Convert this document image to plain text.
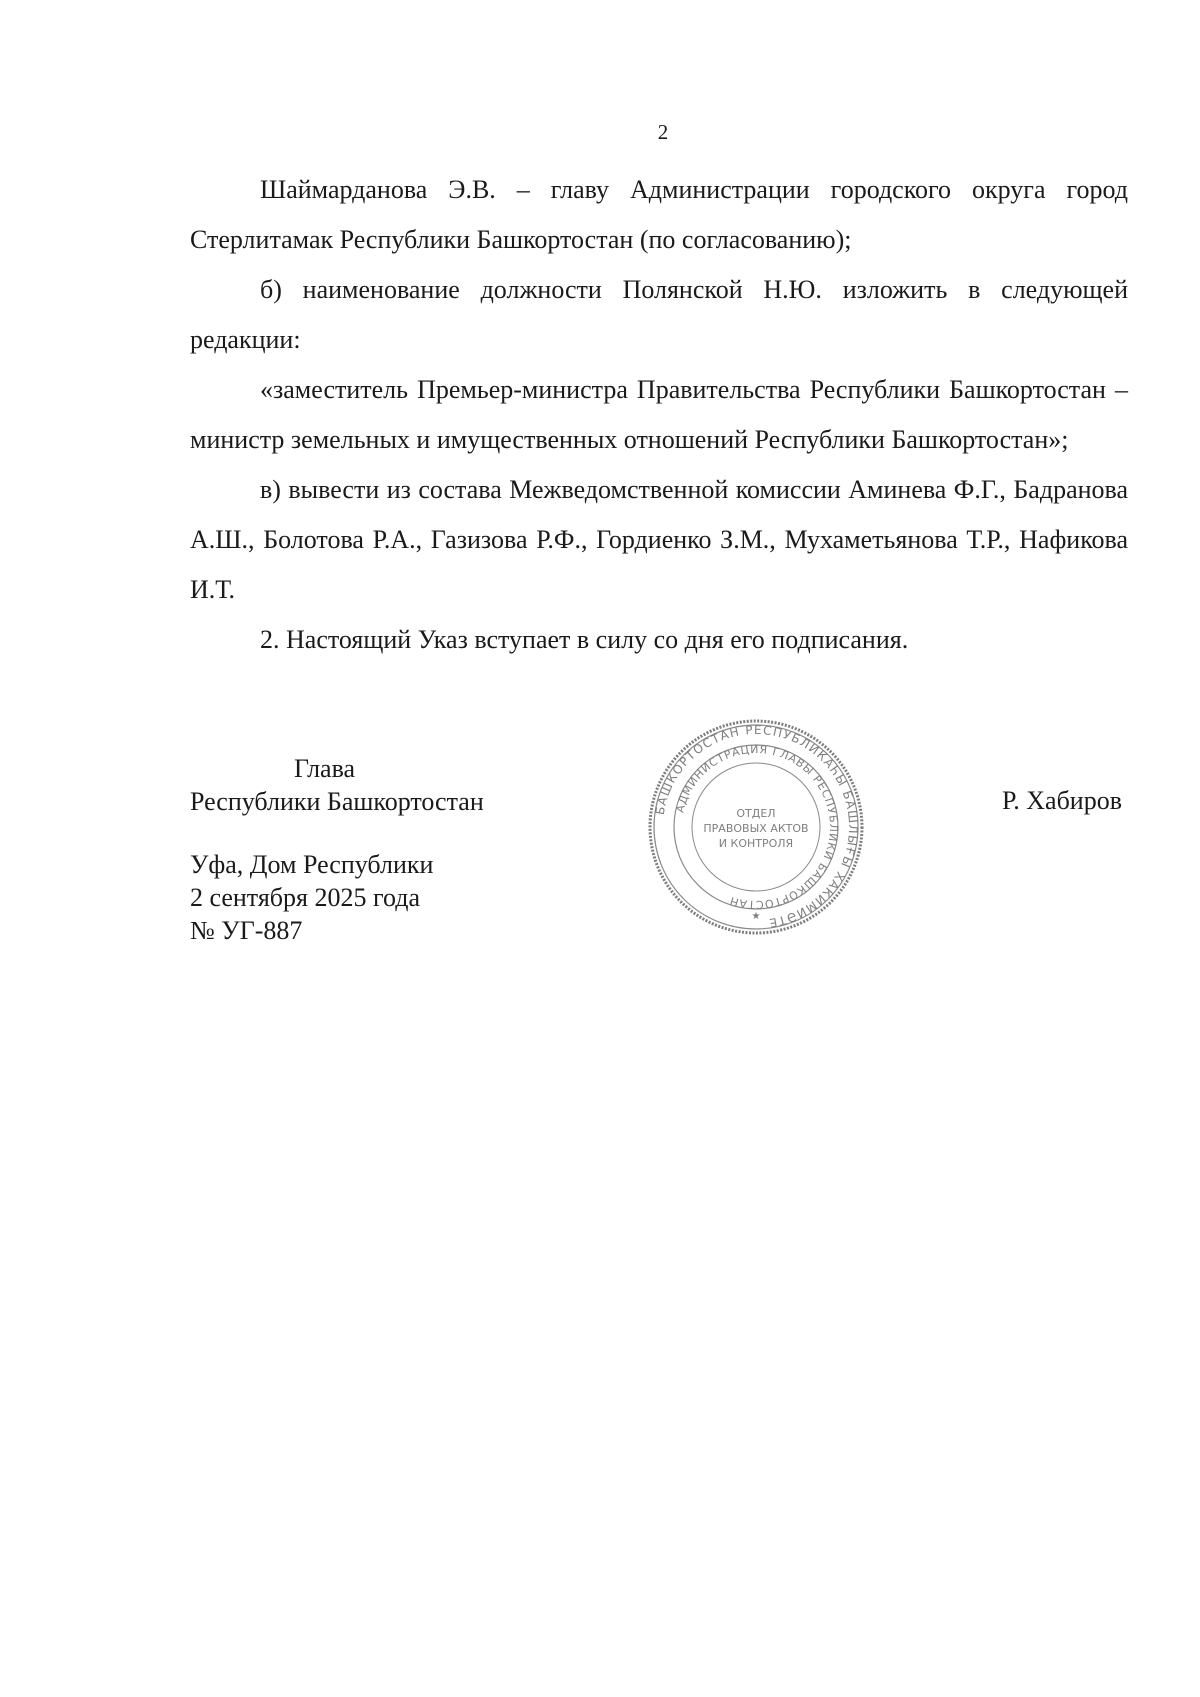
2

Шаймарданова Э.В. – главу Администрации городского округа город Стерлитамак Республики Башкортостан (по согласованию);

б) наименование должности Полянской Н.Ю. изложить в следующей редакции:

«заместитель Премьер-министра Правительства Республики Башкортостан – министр земельных и имущественных отношений Республики Башкортостан»;

в) вывести из состава Межведомственной комиссии Аминева Ф.Г., Бадранова А.Ш., Болотова Р.А., Газизова Р.Ф., Гордиенко З.М., Мухаметьянова Т.Р., Нафикова И.Т.

2. Настоящий Указ вступает в силу со дня его подписания.

Глава
Республики Башкортостан	Р. Хабиров
Уфа, Дом Республики
2 сентября 2025 года
№ УГ-887
БАШКОРТОСТАН РЕСПУБЛИКАҺЫ БАШЛЫҒЫ ХАКИМИӘТЕ
АДМИНИСТРАЦИЯ ГЛАВЫ РЕСПУБЛИКИ БАШКОРТОСТАН
ОТДЕЛ
ПРАВОВЫХ АКТОВ
И КОНТРОЛЯ
★
